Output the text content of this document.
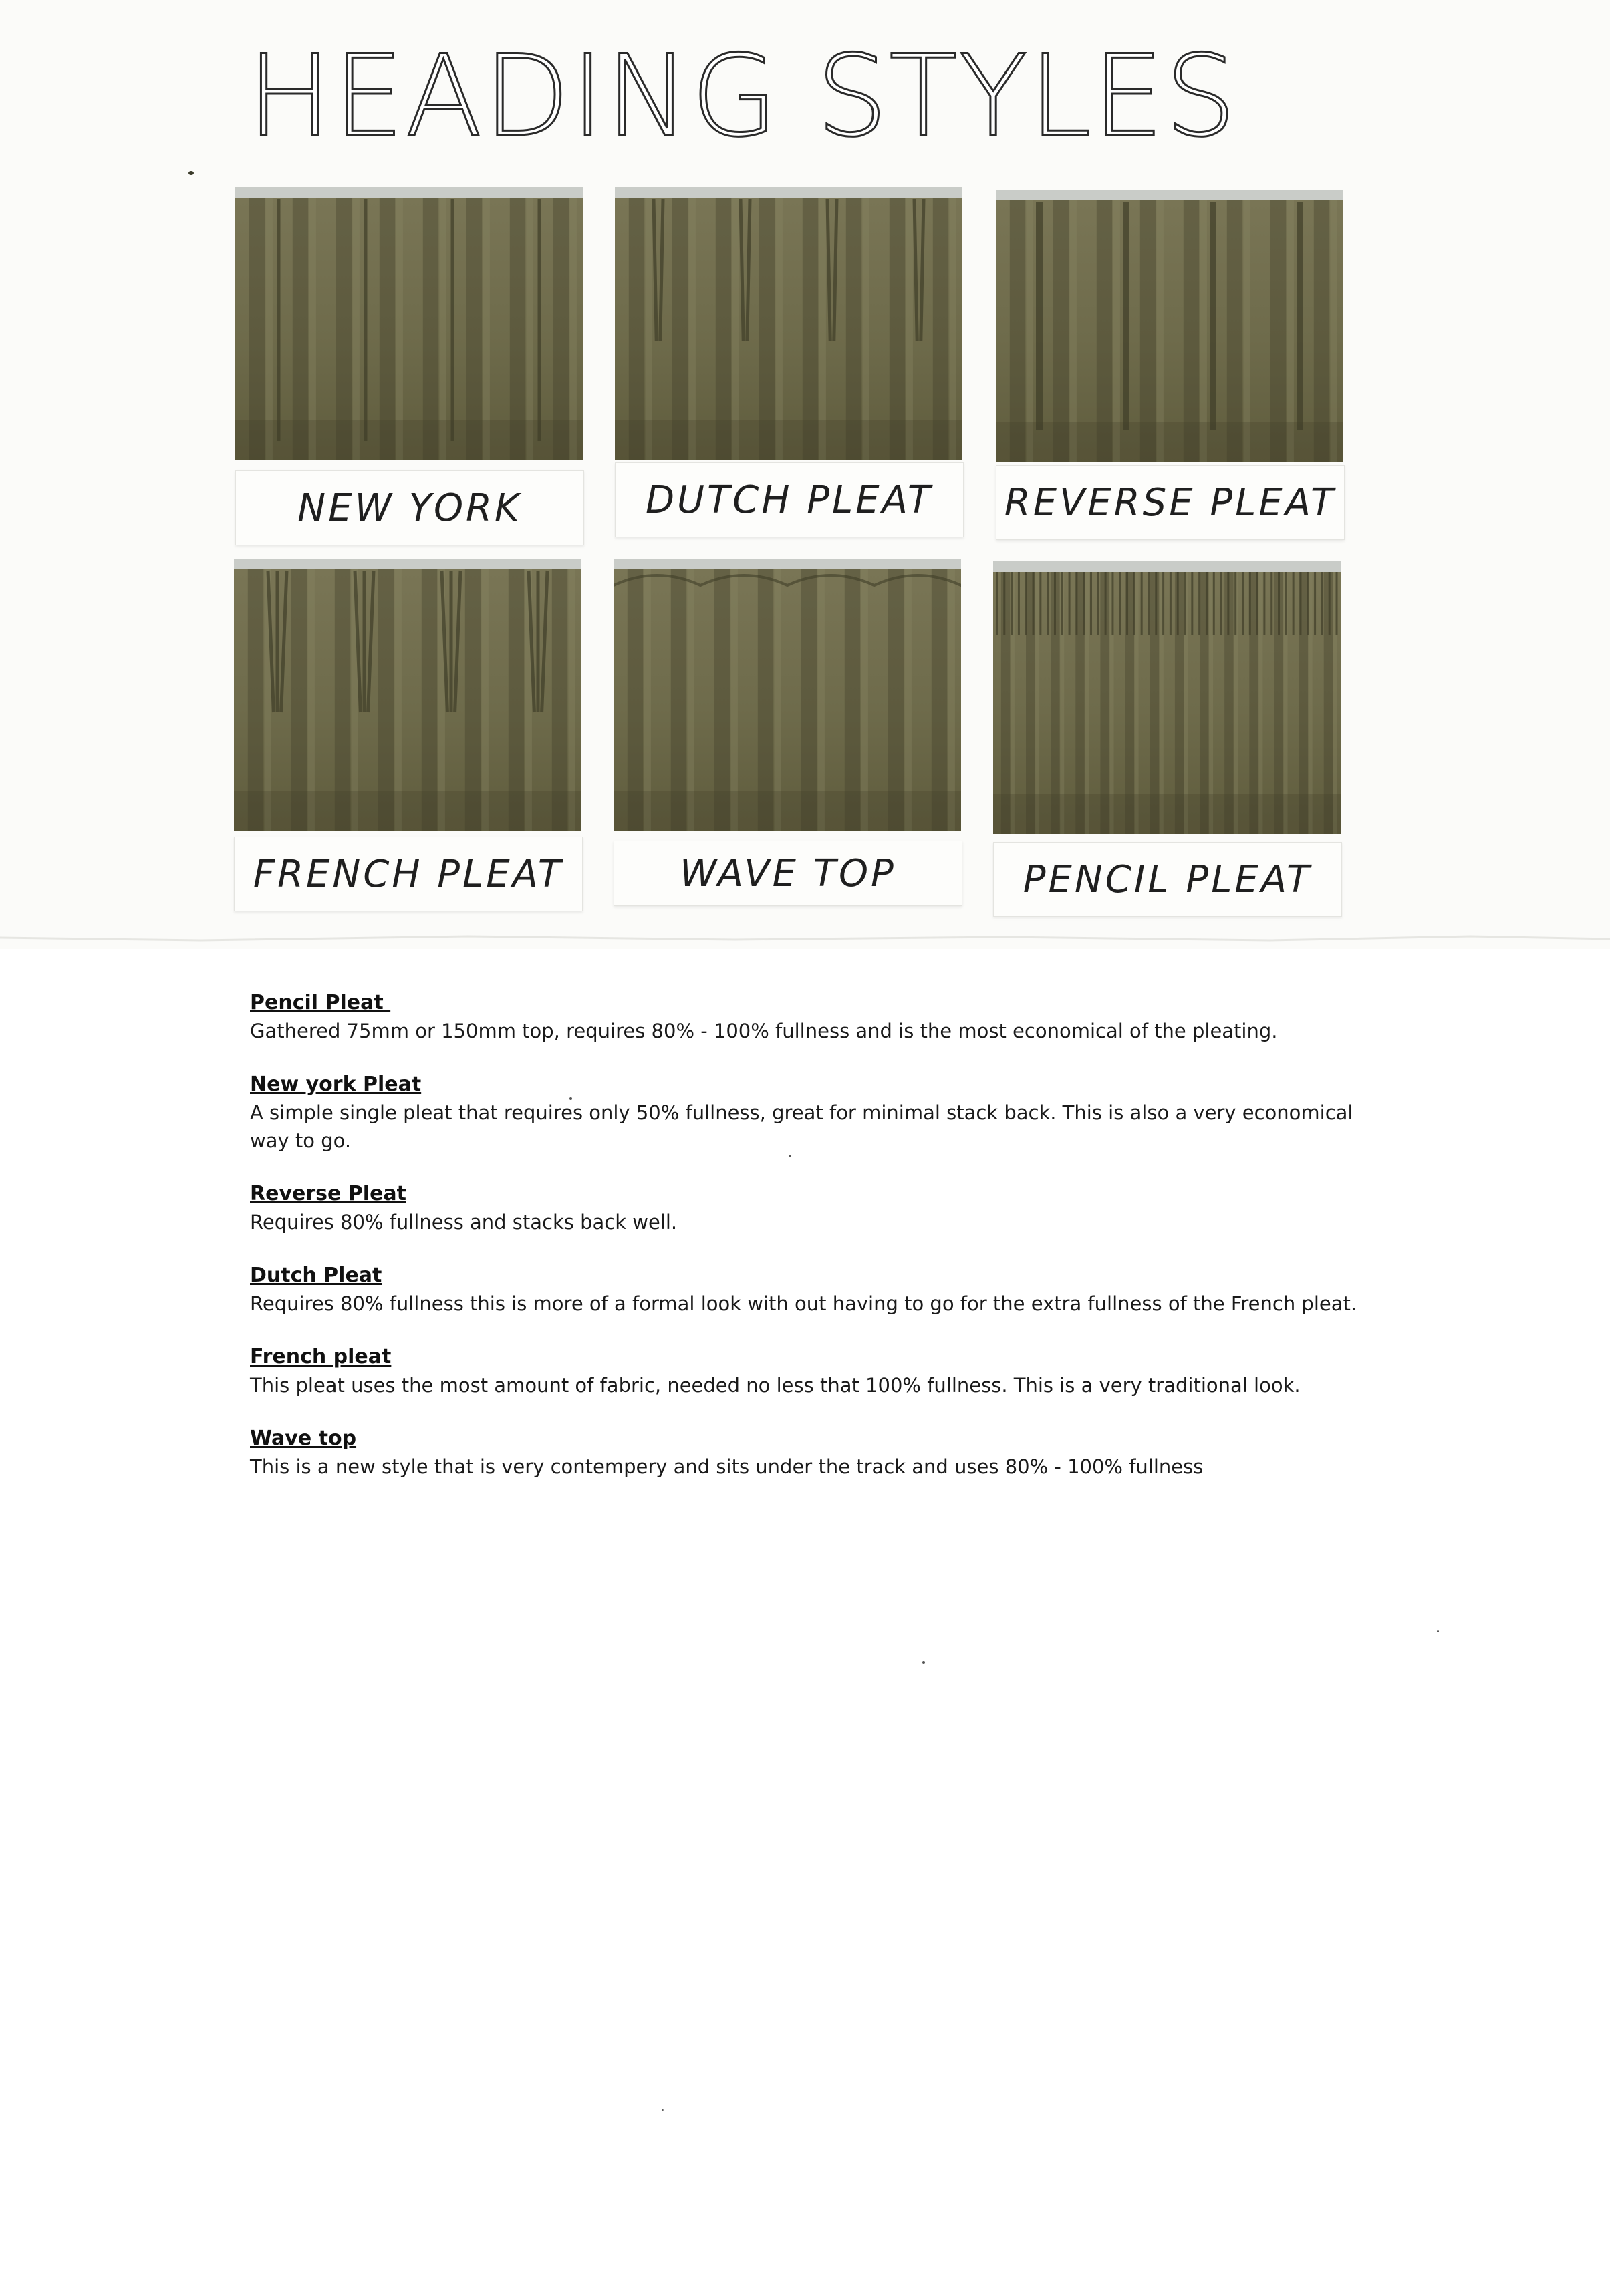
HEADING STYLES
NEW YORK	DUTCH PLEAT REVERSE PLEAT
FRENCH PLEAT	WAVE TOP	PENCIL PLEAT
Pencil Pleat
Gathered 75mm or 150mm top, requires 80% - 100% fullness and is the most economical of the pleating.
New york Pleat
A simple single pleat that requires only 50% fullness, great for minimal stack back. This is also a very economical way to go.
Reverse Pleat
Requires 80% fullness and stacks back well.
Dutch Pleat
Requires 80% fullness this is more of a formal look with out having to go for the extra fullness of the French pleat.
French pleat
This pleat uses the most amount of fabric, needed no less that 100% fullness. This is a very traditional look.
Wave top
This is a new style that is very contempery and sits under the track and uses 80% - 100% fullness
